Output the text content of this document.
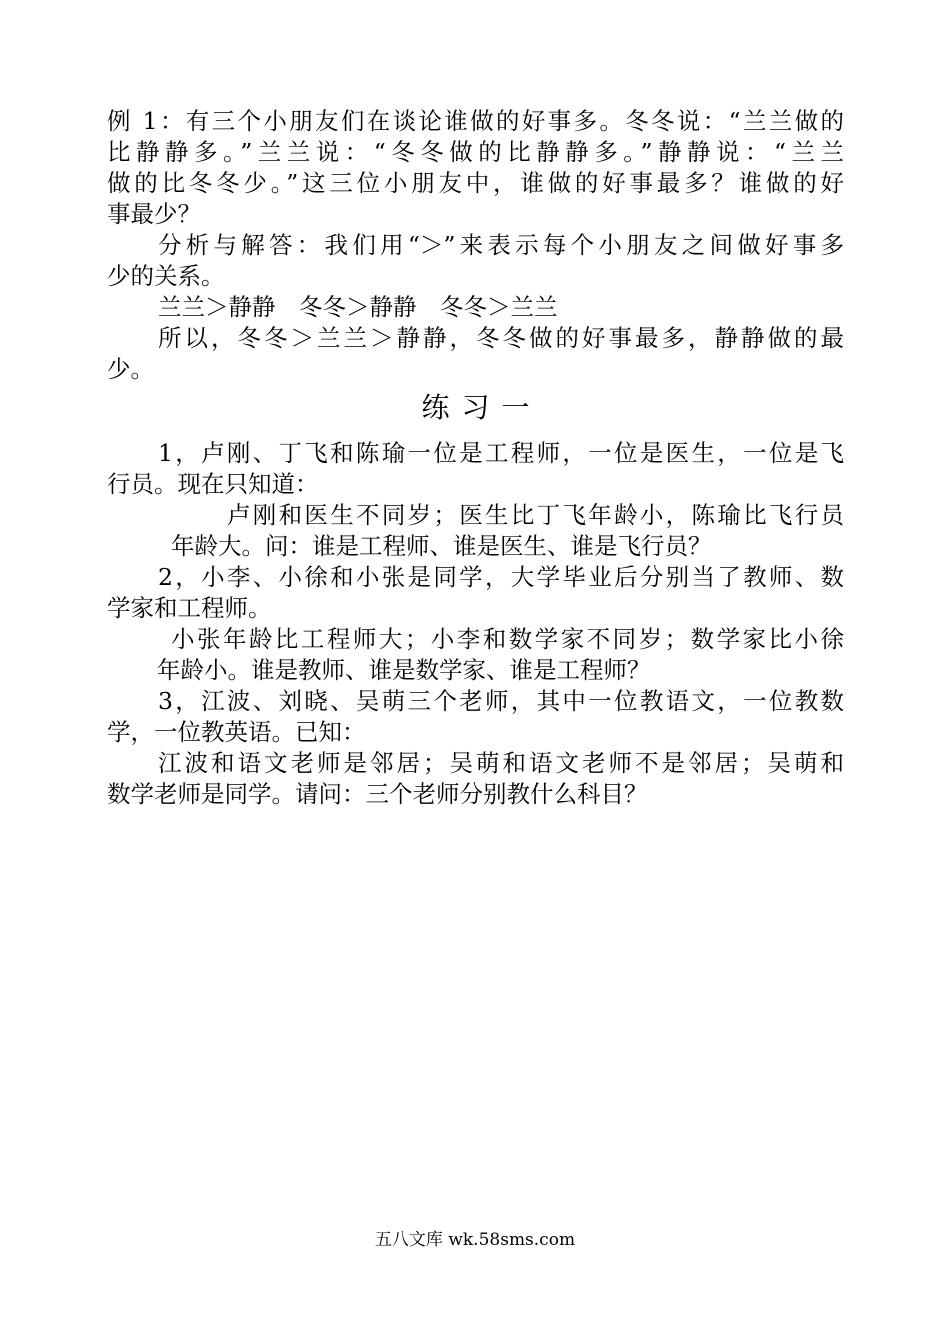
例 1：有三个小朋友们在谈论谁做的好事多。冬冬说：“兰兰做的
比静静多。”兰兰说：“冬冬做的比静静多。”静静说：“兰兰
做的比冬冬少。”这三位小朋友中，谁做的好事最多？谁做的好
事最少？
分析与解答：我们用“＞”来表示每个小朋友之间做好事多
少的关系。
兰兰＞静静　冬冬＞静静　冬冬＞兰兰
所以，冬冬＞兰兰＞静静，冬冬做的好事最多，静静做的最
少。
练习一
1，卢刚、丁飞和陈瑜一位是工程师，一位是医生，一位是飞
行员。现在只知道：
卢刚和医生不同岁；医生比丁飞年龄小，陈瑜比飞行员
年龄大。问：谁是工程师、谁是医生、谁是飞行员？
2，小李、小徐和小张是同学，大学毕业后分别当了教师、数
学家和工程师。
小张年龄比工程师大；小李和数学家不同岁；数学家比小徐
年龄小。谁是教师、谁是数学家、谁是工程师？
3，江波、刘晓、吴萌三个老师，其中一位教语文，一位教数
学，一位教英语。已知：
江波和语文老师是邻居；吴萌和语文老师不是邻居；吴萌和
数学老师是同学。请问：三个老师分别教什么科目？
五八文库 wk.58sms.com
